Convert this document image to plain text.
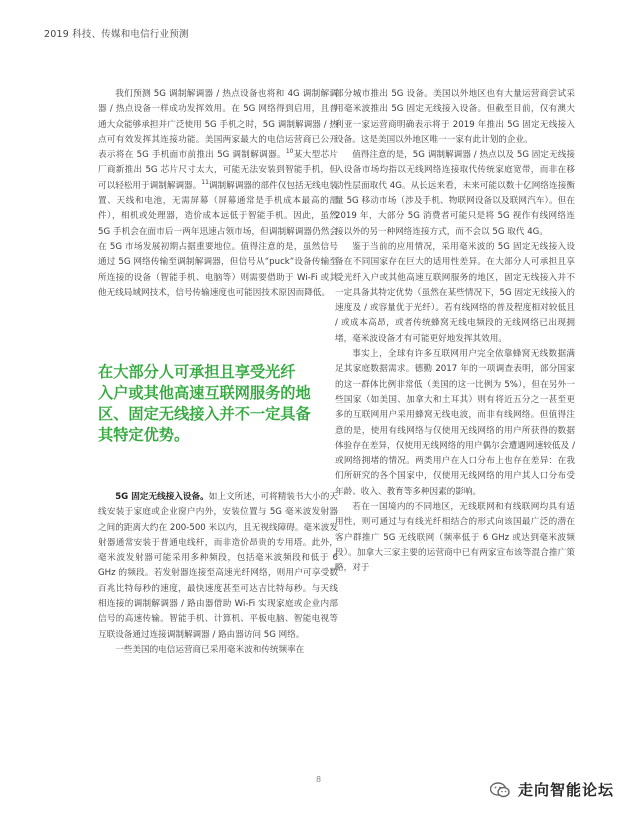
2019 科技、传媒和电信行业预测

我们预测 5G 调制解调器 / 热点设备也将和 4G 调制解调器 / 热点设备一样成功发挥效用。在 5G 网络得到启用，且普通大众能够承担并广泛使用 5G 手机之时，5G 调制解调器 / 热点可有效发挥其连接功能。美国两家最大的电信运营商已公开表示将在 5G 手机面市前推出 5G 调制解调器。$^{10}$某大型芯片厂商新推出 5G 芯片尺寸太大，可能无法安装到智能手机，但可以轻松用于调制解调器。$^{11}$调制解调器的部件仅包括无线电装置、天线和电池，无需屏幕（屏幕通常是手机成本最高的部件），相机或处理器，造价成本远低于智能手机。因此，虽然 5G 手机会在面市后一两年迅速占领市场，但调制解调器仍然会在 5G 市场发展初期占据重要地位。值得注意的是，虽然信号通过 5G 网络传输至调制解调器，但信号从“puck”设备传输至所连接的设备（智能手机、电脑等）则需要借助于 Wi-Fi 或其他无线局域网技术，信号传输速度也可能因技术原因而降低。

在大部分人可承担且享受光纤
入户或其他高速互联网服务的地
区、固定无线接入并不一定具备
其特定优势。

5G 固定无线接入设备。如上文所述，可将精装书大小的天线安装于家庭或企业窗户内外，安装位置与 5G 毫米波发射器之间的距离大约在 200-500 米以内，且无视线障碍。毫米波发射器通常安装于普通电线杆，而非造价昂贵的专用塔。此外，毫米波发射器可能采用多种频段，包括毫米波频段和低于 6 GHz 的频段。若发射器连接至高速光纤网络，则用户可享受数百兆比特每秒的速度，最快速度甚至可达吉比特每秒。与天线相连接的调制解调器 / 路由器借助 Wi-Fi 实现家庭或企业内部信号的高速传输。智能手机、计算机、平板电脑、智能电视等互联设备通过连接调制解调器 / 路由器访问 5G 网络。

一些美国的电信运营商已采用毫米波和传统频率在

部分城市推出 5G 设备。美国以外地区也有大量运营商尝试采用毫米波推出 5G 固定无线接入设备。但截至目前，仅有澳大利亚一家运营商明确表示将于 2019 年推出 5G 固定无线接入设备。这是美国以外地区唯一一家有此计划的企业。

值得注意的是，5G 调制解调器 / 热点以及 5G 固定无线接入设备市场均指以无线网络连接取代传统家庭宽带，而非在移动性层面取代 4G。从长远来看，未来可能以数十亿网络连接衡量 5G 移动市场（涉及手机、物联网设备以及联网汽车）。但在 2019 年，大部分 5G 消费者可能只是将 5G 视作有线网络连接以外的另一种网络连接方式，而不会以 5G 取代 4G。

鉴于当前的应用情况，采用毫米波的 5G 固定无线接入设备在不同国家存在巨大的适用性差异。在大部分人可承担且享受光纤入户或其他高速互联网服务的地区，固定无线接入并不一定具备其特定优势（虽然在某些情况下，5G 固定无线接入的速度及 / 或容量优于光纤）。若有线网络的普及程度相对较低且 / 或成本高昂，或者传统蜂窝无线电频段的无线网络已出现拥堵，毫米波设备才有可能更好地发挥其效用。

事实上，全球有许多互联网用户完全依靠蜂窝无线数据满足其家庭数据需求。德勤 2017 年的一项调查表明，部分国家的这一群体比例非常低（美国的这一比例为 5%），但在另外一些国家（如美国、加拿大和土耳其）则有将近五分之一甚至更多的互联网用户采用蜂窝无线电波，而非有线网络。但值得注意的是，使用有线网络与仅使用无线网络的用户所获得的数据体验存在差异，仅使用无线网络的用户偶尔会遭遇网速较低及 / 或网络拥堵的情况。两类用户在人口分布上也存在差异：在我们所研究的各个国家中，仅使用无线网络的用户其人口分布受年龄、收入、教育等多种因素的影响。

若在一国境内的不同地区，无线联网和有线联网均具有适用性，则可通过与有线光纤相结合的形式向该国最广泛的潜在客户群推广 5G 无线联网（频率低于 6 GHz 或达到毫米波频段）。加拿大三家主要的运营商中已有两家宣布该等混合推广策略，对于

8
走向智能论坛
